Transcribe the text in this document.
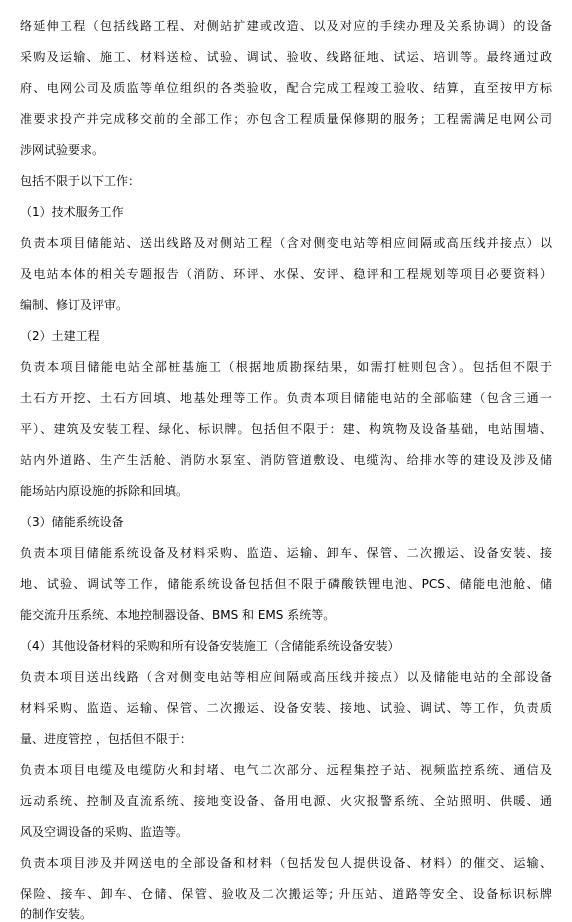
络延伸工程（包括线路工程、对侧站扩建或改造、以及对应的手续办理及关系协调）的设备
采购及运输、施工、材料送检、试验、调试、验收、线路征地、试运、培训等。最终通过政
府、电网公司及质监等单位组织的各类验收，配合完成工程竣工验收、结算，直至按甲方标
准要求投产并完成移交前的全部工作；亦包含工程质量保修期的服务；工程需满足电网公司
涉网试验要求。
包括不限于以下工作：
（1）技术服务工作
负责本项目储能站、送出线路及对侧站工程（含对侧变电站等相应间隔或高压线并接点）以
及电站本体的相关专题报告（消防、环评、水保、安评、稳评和工程规划等项目必要资料）
编制、修订及评审。
（2）土建工程
负责本项目储能电站全部桩基施工（根据地质勘探结果，如需打桩则包含）。包括但不限于
土石方开挖、土石方回填、地基处理等工作。负责本项目储能电站的全部临建（包含三通一
平）、建筑及安装工程、绿化、标识牌。包括但不限于：建、构筑物及设备基础，电站围墙、
站内外道路、生产生活舱、消防水泵室、消防管道敷设、电缆沟、给排水等的建设及涉及储
能场站内原设施的拆除和回填。
（3）储能系统设备
负责本项目储能系统设备及材料采购、监造、运输、卸车、保管、二次搬运、设备安装、接
地、试验、调试等工作，储能系统设备包括但不限于磷酸铁锂电池、PCS、储能电池舱、储
能交流升压系统、本地控制器设备、BMS 和 EMS 系统等。
（4）其他设备材料的采购和所有设备安装施工（含储能系统设备安装）
负责本项目送出线路（含对侧变电站等相应间隔或高压线并接点）以及储能电站的全部设备
材料采购、监造、运输、保管、二次搬运、设备安装、接地、试验、调试、等工作，负责质
量、进度管控 ，包括但不限于：
负责本项目电缆及电缆防火和封堵、电气二次部分、远程集控子站、视频监控系统、通信及
远动系统、控制及直流系统、接地变设备、备用电源、火灾报警系统、全站照明、供暖、通
风及空调设备的采购、监造等。
负责本项目涉及并网送电的全部设备和材料（包括发包人提供设备、材料）的催交、运输、
保险、接车、卸车、仓储、保管、验收及二次搬运等; 升压站、道路等安全、设备标识标牌
的制作安装。
